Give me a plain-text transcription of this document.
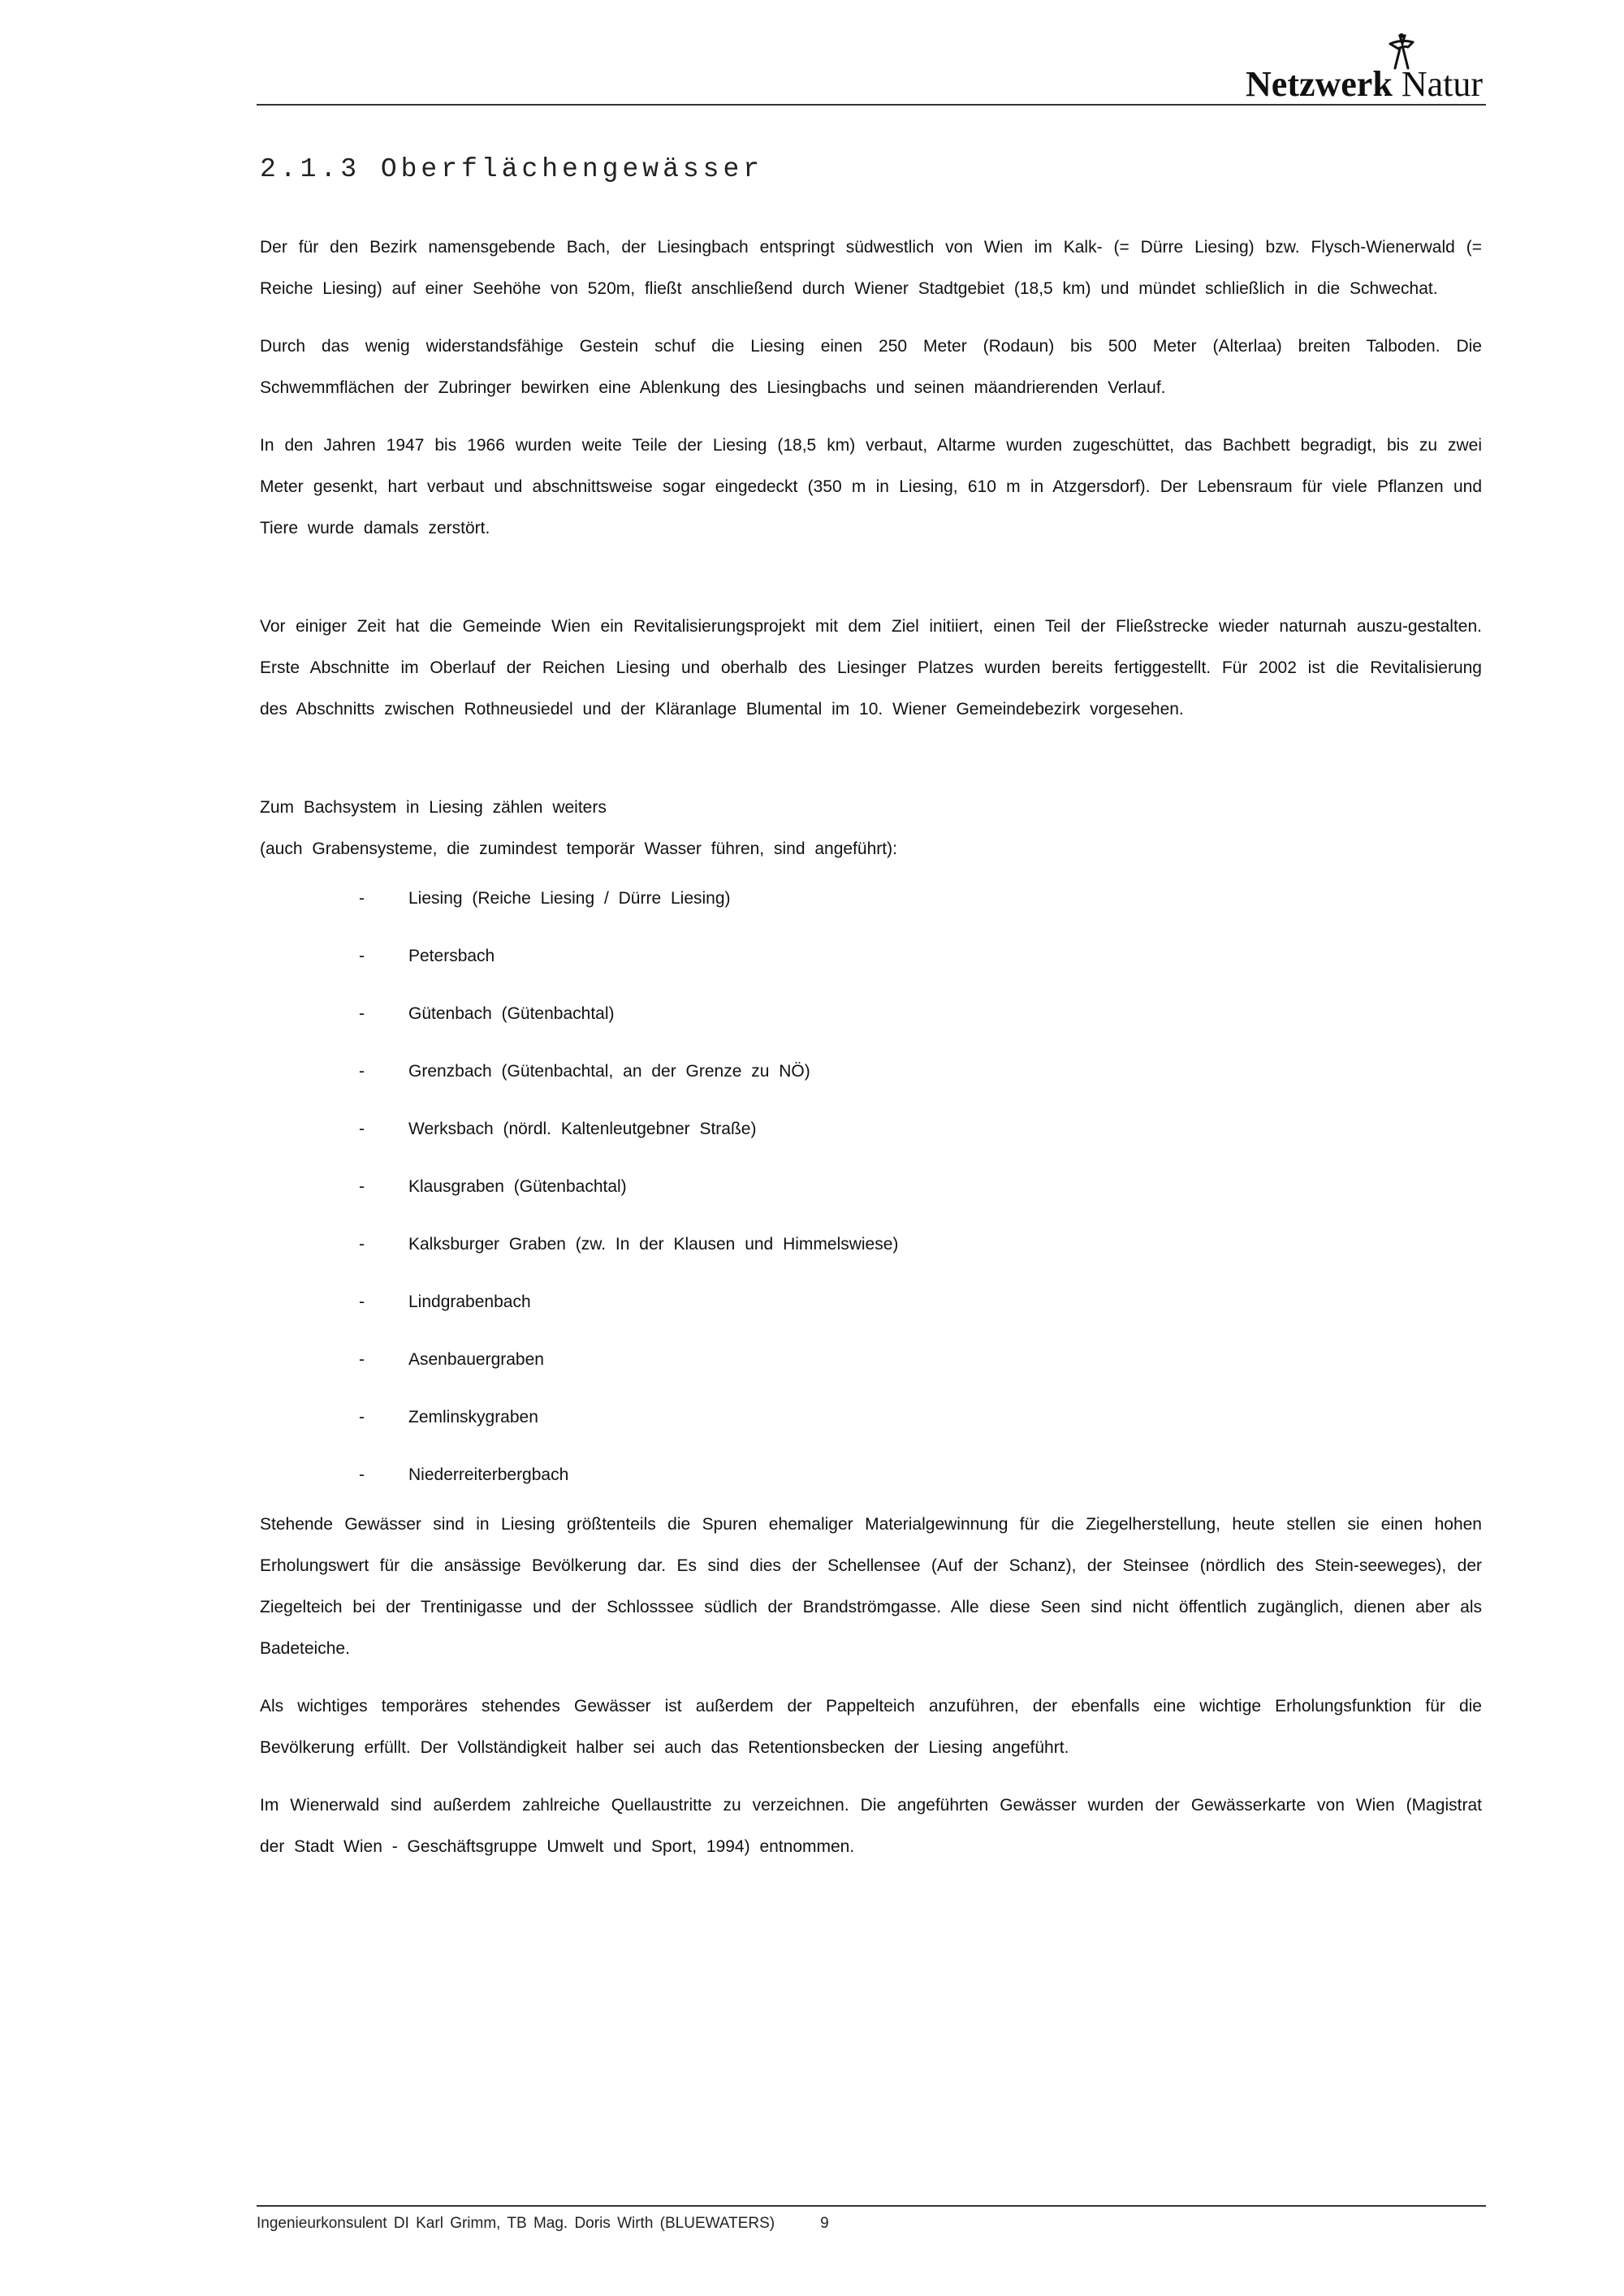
Netzwerk Natur
2.1.3 Oberflächengewässer

Der für den Bezirk namensgebende Bach, der Liesingbach entspringt südwestlich von Wien im Kalk- (= Dürre Liesing) bzw. Flysch-Wienerwald (= Reiche Liesing) auf einer Seehöhe von 520m, fließt anschließend durch Wiener Stadtgebiet (18,5 km) und mündet schließlich in die Schwechat.

Durch das wenig widerstandsfähige Gestein schuf die Liesing einen 250 Meter (Rodaun) bis 500 Meter (Alterlaa) breiten Talboden. Die Schwemmflächen der Zubringer bewirken eine Ablenkung des Liesingbachs und seinen mäandrierenden Verlauf.

In den Jahren 1947 bis 1966 wurden weite Teile der Liesing (18,5 km) verbaut, Altarme wurden zugeschüttet, das Bachbett begradigt, bis zu zwei Meter gesenkt, hart verbaut und abschnittsweise sogar eingedeckt (350 m in Liesing, 610 m in Atzgersdorf). Der Lebensraum für viele Pflanzen und Tiere wurde damals zerstört.

Vor einiger Zeit hat die Gemeinde Wien ein Revitalisierungsprojekt mit dem Ziel initiiert, einen Teil der Fließstrecke wieder naturnah auszu-gestalten. Erste Abschnitte im Oberlauf der Reichen Liesing und oberhalb des Liesinger Platzes wurden bereits fertiggestellt. Für 2002 ist die Revitalisierung des Abschnitts zwischen Rothneusiedel und der Kläranlage Blumental im 10. Wiener Gemeindebezirk vorgesehen.

Zum Bachsystem in Liesing zählen weiters

(auch Grabensysteme, die zumindest temporär Wasser führen, sind angeführt):

-	Liesing (Reiche Liesing / Dürre Liesing)
-	Petersbach
-	Gütenbach (Gütenbachtal)
-	Grenzbach (Gütenbachtal, an der Grenze zu NÖ)
-	Werksbach (nördl. Kaltenleutgebner Straße)
-	Klausgraben (Gütenbachtal)
-	Kalksburger Graben (zw. In der Klausen und Himmelswiese)
-	Lindgrabenbach
-	Asenbauergraben
-	Zemlinskygraben
-	Niederreiterbergbach

Stehende Gewässer sind in Liesing größtenteils die Spuren ehemaliger Materialgewinnung für die Ziegelherstellung, heute stellen sie einen hohen Erholungswert für die ansässige Bevölkerung dar. Es sind dies der Schellensee (Auf der Schanz), der Steinsee (nördlich des Stein-seeweges), der Ziegelteich bei der Trentinigasse und der Schlosssee südlich der Brandströmgasse. Alle diese Seen sind nicht öffentlich zugänglich, dienen aber als Badeteiche.

Als wichtiges temporäres stehendes Gewässer ist außerdem der Pappelteich anzuführen, der ebenfalls eine wichtige Erholungsfunktion für die Bevölkerung erfüllt. Der Vollständigkeit halber sei auch das Retentionsbecken der Liesing angeführt.

Im Wienerwald sind außerdem zahlreiche Quellaustritte zu verzeichnen. Die angeführten Gewässer wurden der Gewässerkarte von Wien (Magistrat der Stadt Wien - Geschäftsgruppe Umwelt und Sport, 1994) entnommen.

Ingenieurkonsulent DI Karl Grimm, TB Mag. Doris Wirth (BLUEWATERS)	9
